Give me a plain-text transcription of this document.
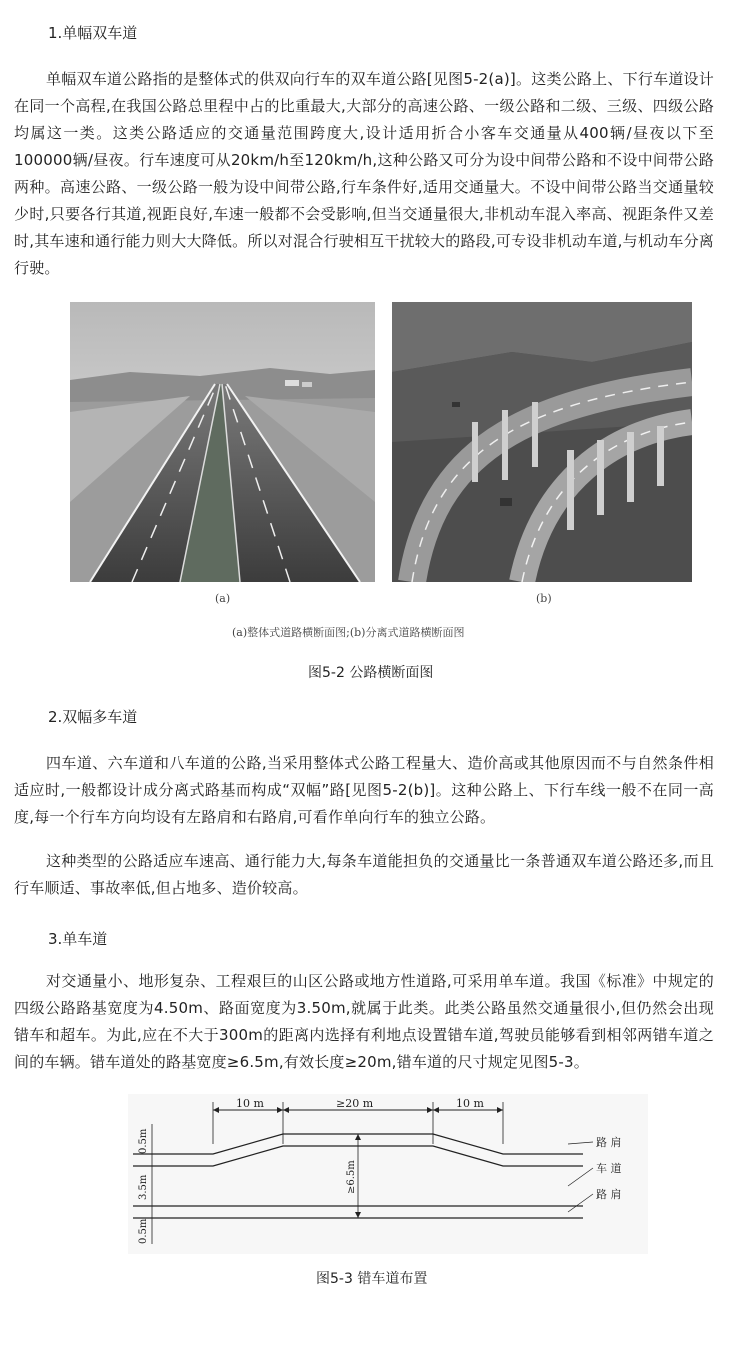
1.单幅双车道
单幅双车道公路指的是整体式的供双向行车的双车道公路[见图5-2(a)]。这类公路上、下行车道设计在同一个高程,在我国公路总里程中占的比重最大,大部分的高速公路、一级公路和二级、三级、四级公路均属这一类。这类公路适应的交通量范围跨度大,设计适用折合小客车交通量从400辆/昼夜以下至100000辆/昼夜。行车速度可从20km/h至120km/h,这种公路又可分为设中间带公路和不设中间带公路两种。高速公路、一级公路一般为设中间带公路,行车条件好,适用交通量大。不设中间带公路当交通量较少时,只要各行其道,视距良好,车速一般都不会受影响,但当交通量很大,非机动车混入率高、视距条件又差时,其车速和通行能力则大大降低。所以对混合行驶相互干扰较大的路段,可专设非机动车道,与机动车分离行驶。
(a)	(b)
(a)整体式道路横断面图;(b)分离式道路横断面图
图5-2 公路横断面图
2.双幅多车道
四车道、六车道和八车道的公路,当采用整体式公路工程量大、造价高或其他原因而不与自然条件相适应时,一般都设计成分离式路基而构成“双幅”路[见图5-2(b)]。这种公路上、下行车线一般不在同一高度,每一个行车方向均设有左路肩和右路肩,可看作单向行车的独立公路。
这种类型的公路适应车速高、通行能力大,每条车道能担负的交通量比一条普通双车道公路还多,而且行车顺适、事故率低,但占地多、造价较高。
3.单车道
对交通量小、地形复杂、工程艰巨的山区公路或地方性道路,可采用单车道。我国《标准》中规定的四级公路路基宽度为4.50m、路面宽度为3.50m,就属于此类。此类公路虽然交通量很小,但仍然会出现错车和超车。为此,应在不大于300m的距离内选择有利地点设置错车道,驾驶员能够看到相邻两错车道之间的车辆。错车道处的路基宽度≥6.5m,有效长度≥20m,错车道的尺寸规定见图5-3。
10 m	≥20 m	10 m
0.5m
3.5m
0.5m
≥6.5m
路 肩
车 道
路 肩
图5-3 错车道布置
